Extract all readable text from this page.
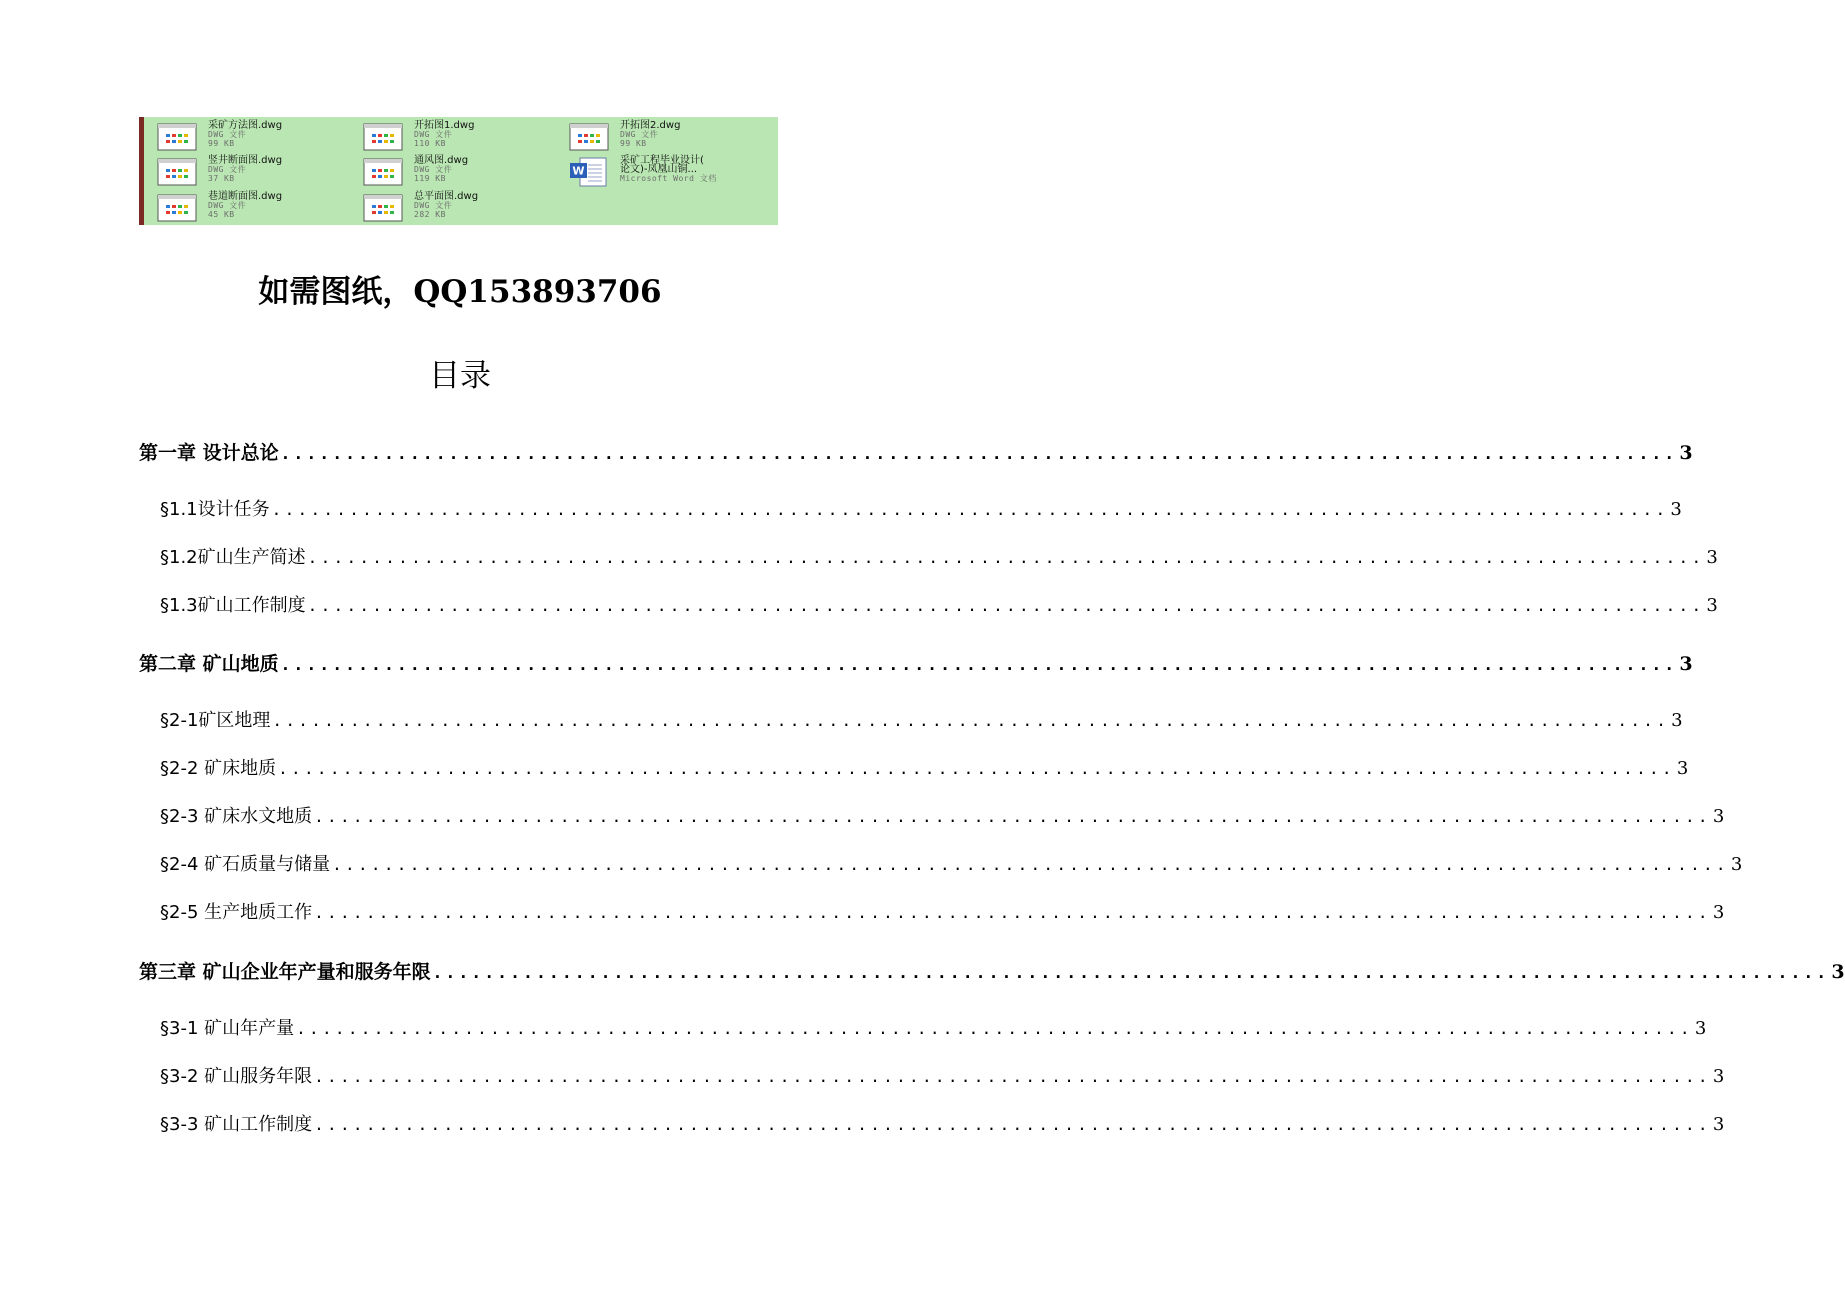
采矿方法图.dwg
DWG 文件
99 KB
开拓图1.dwg
DWG 文件
110 KB
开拓图2.dwg
DWG 文件
99 KB
竖井断面图.dwg
DWG 文件
37 KB
通风图.dwg
DWG 文件
119 KB
W
采矿工程毕业设计(
论文)-凤凰山铜...
Microsoft Word 文档
巷道断面图.dwg
DWG 文件
45 KB
总平面图.dwg
DWG 文件
282 KB
如需图纸，QQ153893706
目录
第一章 设计总论 ............................................................................................................ 3
§1.1设计任务 ............................................................................................................ 3
§1.2矿山生产简述 ............................................................................................................ 3
§1.3矿山工作制度 ............................................................................................................ 3
第二章 矿山地质 ............................................................................................................ 3
§2-1矿区地理 ............................................................................................................ 3
§2-2 矿床地质 ............................................................................................................ 3
§2-3 矿床水文地质 ............................................................................................................ 3
§2-4 矿石质量与储量 ............................................................................................................ 3
§2-5 生产地质工作 ............................................................................................................ 3
第三章 矿山企业年产量和服务年限 ............................................................................................................ 3
§3-1 矿山年产量 ............................................................................................................ 3
§3-2 矿山服务年限 ............................................................................................................ 3
§3-3 矿山工作制度 ............................................................................................................ 3
